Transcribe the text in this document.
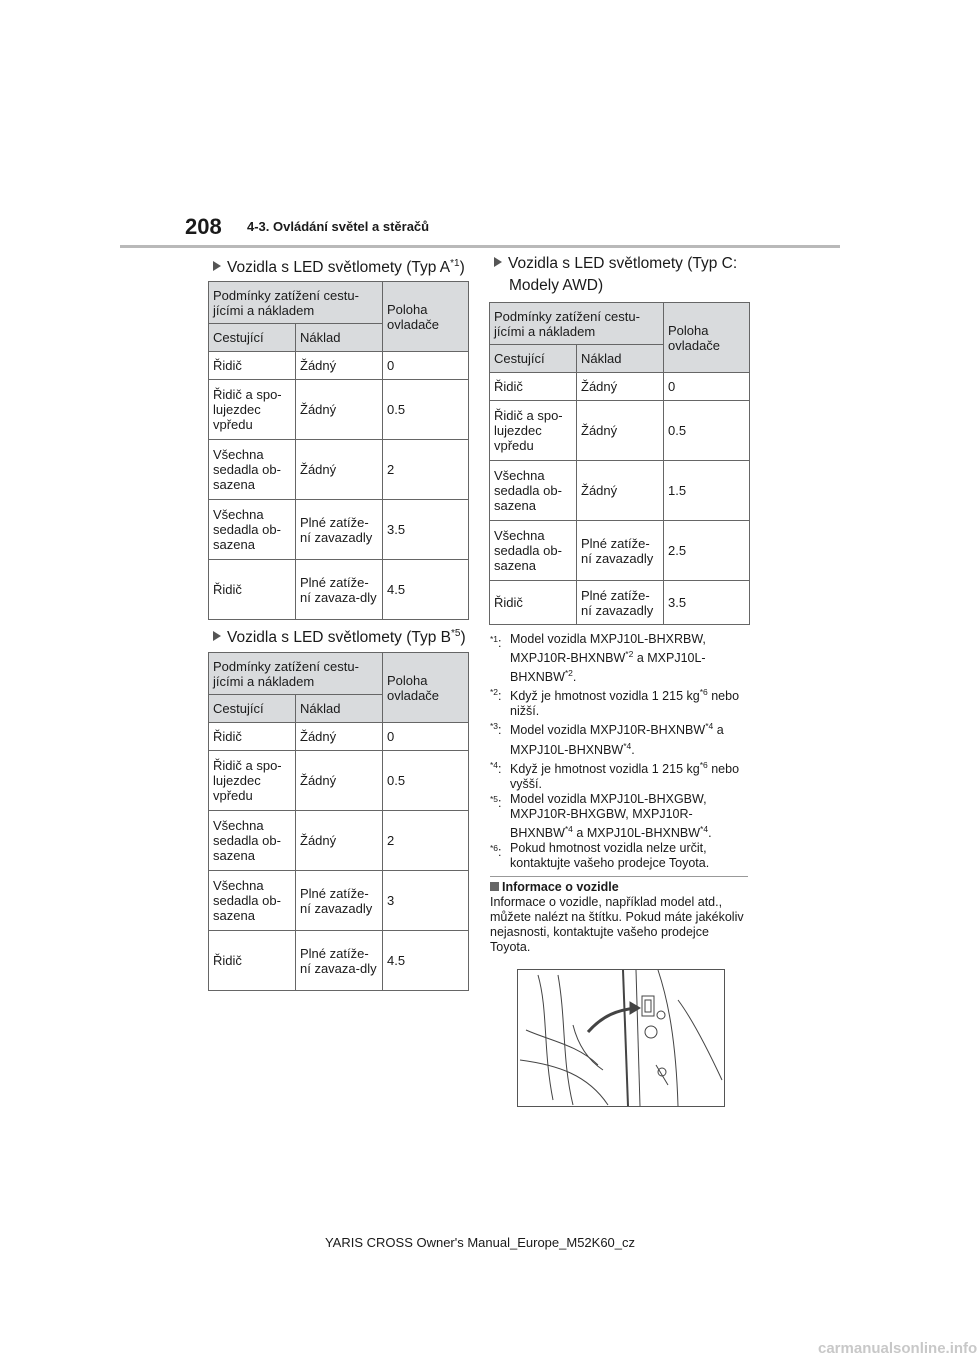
208 4-3. Ovládání světel a stěračů
Vozidla s LED světlomety (Typ $A^{*1}$)
Podmínky zatížení cestu-jícími a nákladem		Poloha ovladače
Cestující	Náklad	
Řidič	Žádný	0
Řidič a spo-lujezdec vpředu	Žádný	0.5
Všechna sedadla ob-sazena	Žádný	2
Všechna sedadla ob-sazena	Plné zatíže-ní zavazadly	3.5
Řidič	Plné zatíže-ní zavaza-dly	4.5
Vozidla s LED světlomety (Typ $B^{*5}$)
Podmínky zatížení cestu-jícími a nákladem		Poloha ovladače
Cestující	Náklad	
Řidič	Žádný	0
Řidič a spo-lujezdec vpředu	Žádný	0.5
Všechna sedadla ob-sazena	Žádný	2
Všechna sedadla ob-sazena	Plné zatíže-ní zavazadly	3
Řidič	Plné zatíže-ní zavaza-dly	4.5
Vozidla s LED světlomety (Typ C:
Modely AWD)
Podmínky zatížení cestu-jícími a nákladem		Poloha ovladače
Cestující	Náklad	
Řidič	Žádný	0
Řidič a spo-lujezdec vpředu	Žádný	0.5
Všechna sedadla ob-sazena	Žádný	1.5
Všechna sedadla ob-sazena	Plné zatíže-ní zavazadly	2.5
Řidič	Plné zatíže-ní zavazadly	3.5

$^{*1}$: Model vozidla MXPJ10L-BHXRBW, MXPJ10R-BHXNBW$^{*2}$ a MXPJ10L-BHXNBW$^{*2}$.

$^{*2}$: Když je hmotnost vozidla 1 215 $kg^{*6}$ nebo nižší.

$^{*3}$: Model vozidla MXPJ10R-BHXNBW$^{*4}$ a MXPJ10L-BHXNBW$^{*4}$.

$^{*4}$: Když je hmotnost vozidla 1 215 $kg^{*6}$ nebo vyšší.

$^{*5}$: Model vozidla MXPJ10L-BHXGBW, MXPJ10R-BHXGBW, MXPJ10R-BHXNBW$^{*4}$ a MXPJ10L-BHXNBW$^{*4}$.

$^{*6}$: Pokud hmotnost vozidla nelze určit, kontaktujte vašeho prodejce Toyota.

Informace o vozidle
Informace o vozidle, například model atd., můžete nalézt na štítku. Pokud máte jakékoliv nejasnosti, kontaktujte vašeho prodejce Toyota.
YARIS CROSS Owner's Manual_Europe_M52K60_cz
carmanualsonline.info
